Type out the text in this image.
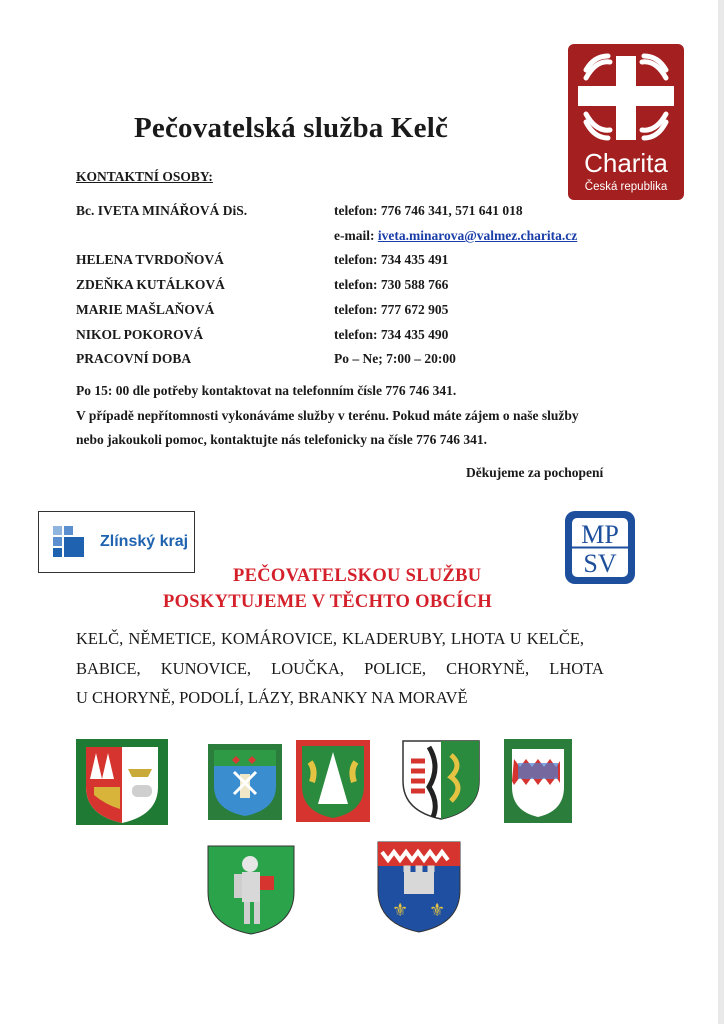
Pečovatelská služba Kelč
Charita
Česká republika
KONTAKTNÍ OSOBY:
Bc. IVETA MINÁŘOVÁ DiS.	telefon: 776 746 341, 571 641 018
e-mail: iveta.minarova@valmez.charita.cz
HELENA TVRDOŇOVÁ	telefon: 734 435 491
ZDEŇKA KUTÁLKOVÁ	telefon: 730 588 766
MARIE MAŠLAŇOVÁ	telefon: 777 672 905
NIKOL POKOROVÁ	telefon: 734 435 490
PRACOVNÍ DOBA	Po – Ne; 7:00 – 20:00
Po 15: 00 dle potřeby kontaktovat na telefonním čísle 776 746 341.
V případě nepřítomnosti vykonáváme služby v terénu. Pokud máte zájem o naše služby
nebo jakoukoli pomoc, kontaktujte nás telefonicky na čísle 776 746 341.
Děkujeme za pochopení
Zlínský kraj	MP
SV
PEČOVATELSKOU SLUŽBU
POSKYTUJEME V TĚCHTO OBCÍCH
KELČ, NĚMETICE, KOMÁROVICE, KLADERUBY, LHOTA U KELČE,
BABICE, KUNOVICE, LOUČKA, POLICE, CHORYNĚ, LHOTA
U CHORYNĚ, PODOLÍ, LÁZY, BRANKY NA MORAVĚ
⚜ ⚜
